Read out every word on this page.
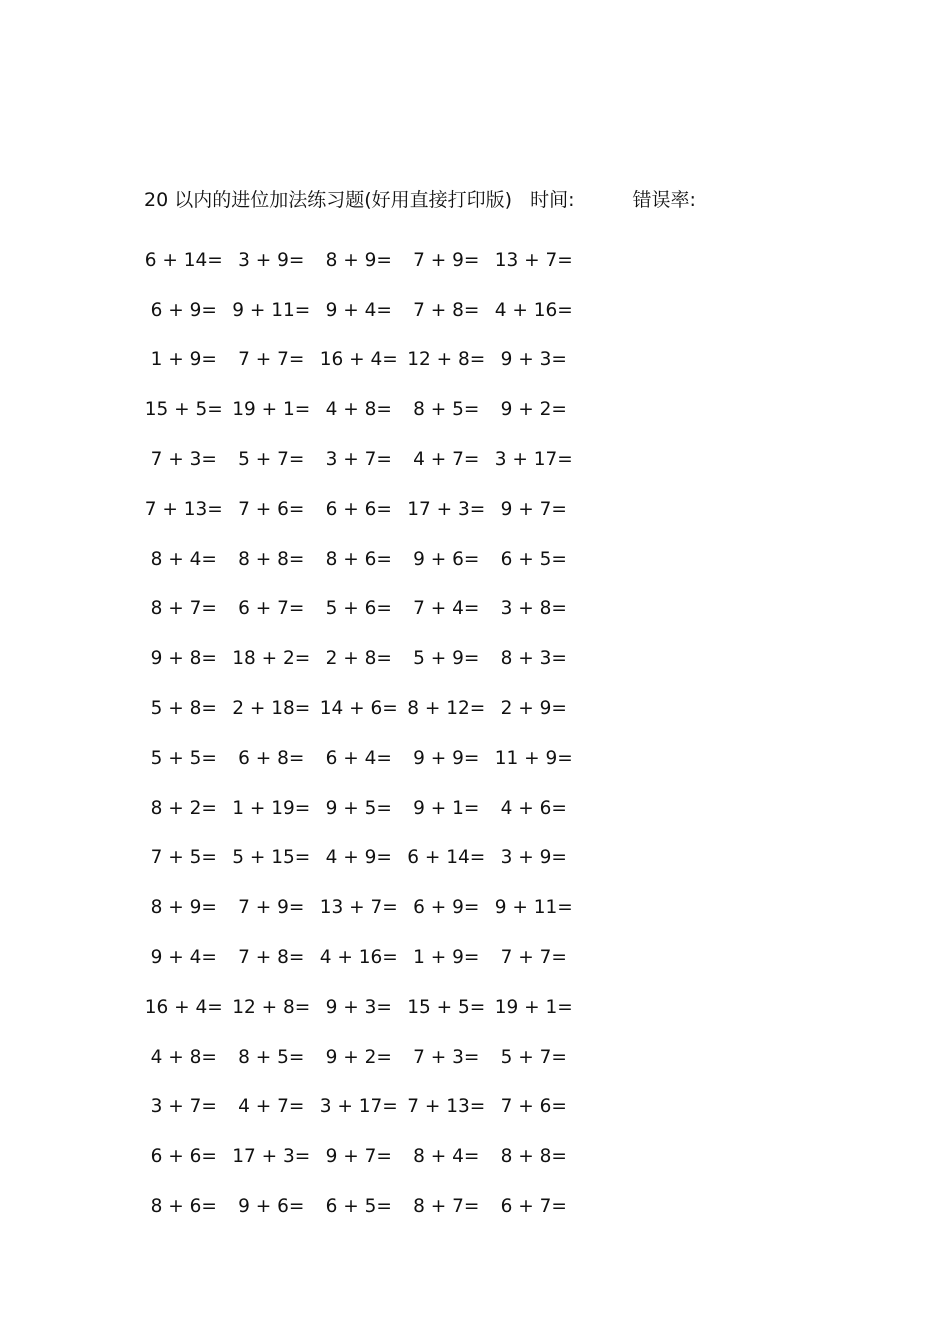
20 以内的进位加法练习题(好用直接打印版) 时间:	错误率:
6 + 14= 3 + 9=	8 + 9=	7 + 9= 13 + 7=
6 + 9= 9 + 11= 9 + 4=	7 + 8= 4 + 16=
1 + 9=	7 + 7= 16 + 4= 12 + 8= 9 + 3=
15 + 5= 19 + 1= 4 + 8=	8 + 5=	9 + 2=
7 + 3=	5 + 7=	3 + 7=	4 + 7= 3 + 17=
7 + 13= 7 + 6=	6 + 6= 17 + 3= 9 + 7=
8 + 4=	8 + 8=	8 + 6=	9 + 6=	6 + 5=
8 + 7=	6 + 7=	5 + 6=	7 + 4=	3 + 8=
9 + 8= 18 + 2= 2 + 8=	5 + 9=	8 + 3=
5 + 8= 2 + 18= 14 + 6= 8 + 12= 2 + 9=
5 + 5=	6 + 8=	6 + 4=	9 + 9= 11 + 9=
8 + 2= 1 + 19= 9 + 5=	9 + 1=	4 + 6=
7 + 5= 5 + 15= 4 + 9= 6 + 14= 3 + 9=
8 + 9=	7 + 9= 13 + 7= 6 + 9= 9 + 11=
9 + 4=	7 + 8= 4 + 16= 1 + 9=	7 + 7=
16 + 4= 12 + 8= 9 + 3= 15 + 5= 19 + 1=
4 + 8=	8 + 5=	9 + 2=	7 + 3=	5 + 7=
3 + 7=	4 + 7= 3 + 17= 7 + 13= 7 + 6=
6 + 6= 17 + 3= 9 + 7=	8 + 4=	8 + 8=
8 + 6=	9 + 6=	6 + 5=	8 + 7=	6 + 7=
